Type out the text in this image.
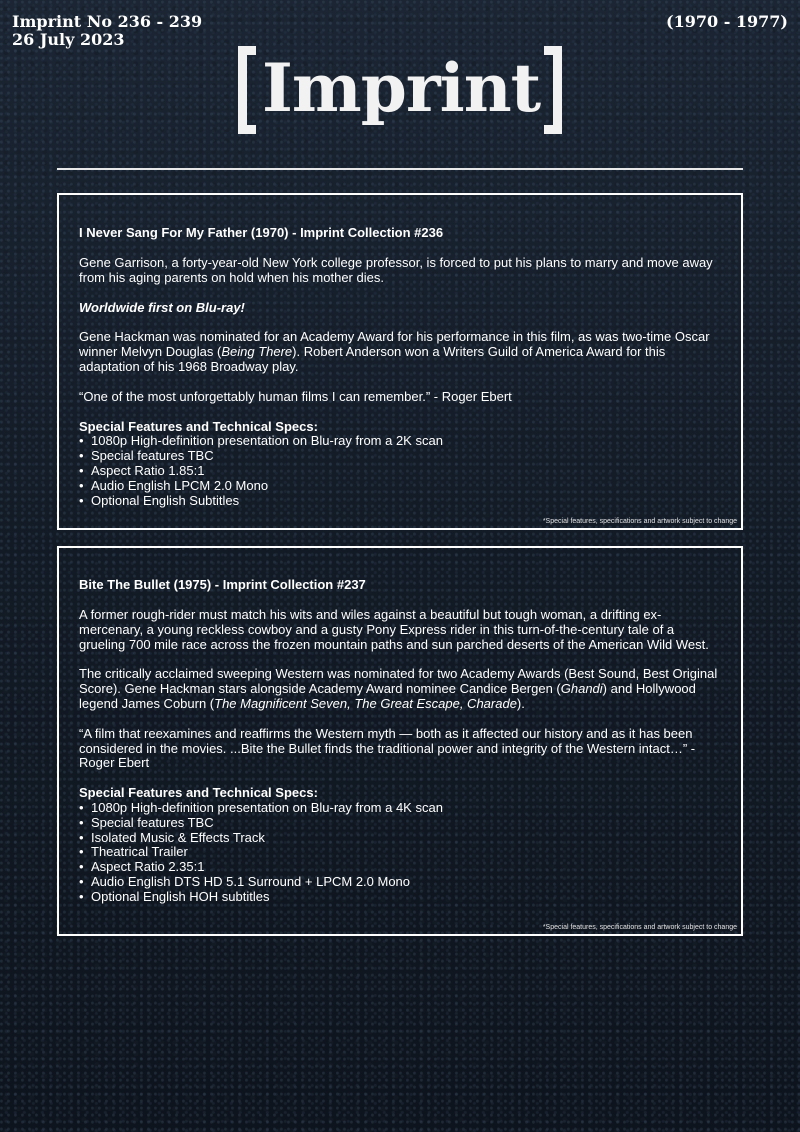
Imprint No 236 - 239
26 July 2023
(1970 - 1977)
Imprint

I Never Sang For My Father (1970) - Imprint Collection #236

Gene Garrison, a forty-year-old New York college professor, is forced to put his plans to marry and move away from his aging parents on hold when his mother dies.

Worldwide first on Blu-ray!

Gene Hackman was nominated for an Academy Award for his performance in this film, as was two-time Oscar winner Melvyn Douglas (Being There). Robert Anderson won a Writers Guild of America Award for this adaptation of his 1968 Broadway play.

“One of the most unforgettably human films I can remember.” - Roger Ebert

Special Features and Technical Specs:

• 1080p High-definition presentation on Blu-ray from a 2K scan
• Special features TBC
• Aspect Ratio 1.85:1
• Audio English LPCM 2.0 Mono
• Optional English Subtitles
*Special features, specifications and artwork subject to change

Bite The Bullet (1975) - Imprint Collection #237

A former rough-rider must match his wits and wiles against a beautiful but tough woman, a drifting ex-mercenary, a young reckless cowboy and a gusty Pony Express rider in this turn-of-the-century tale of a grueling 700 mile race across the frozen mountain paths and sun parched deserts of the American Wild West.

The critically acclaimed sweeping Western was nominated for two Academy Awards (Best Sound, Best Original Score). Gene Hackman stars alongside Academy Award nominee Candice Bergen (Ghandi) and Hollywood legend James Coburn (The Magnificent Seven, The Great Escape, Charade).

“A film that reexamines and reaffirms the Western myth — both as it affected our history and as it has been considered in the movies. ...Bite the Bullet finds the traditional power and integrity of the Western intact…” - Roger Ebert

Special Features and Technical Specs:

• 1080p High-definition presentation on Blu-ray from a 4K scan
• Special features TBC
• Isolated Music & Effects Track
• Theatrical Trailer
• Aspect Ratio 2.35:1
• Audio English DTS HD 5.1 Surround + LPCM 2.0 Mono
• Optional English HOH subtitles
*Special features, specifications and artwork subject to change
